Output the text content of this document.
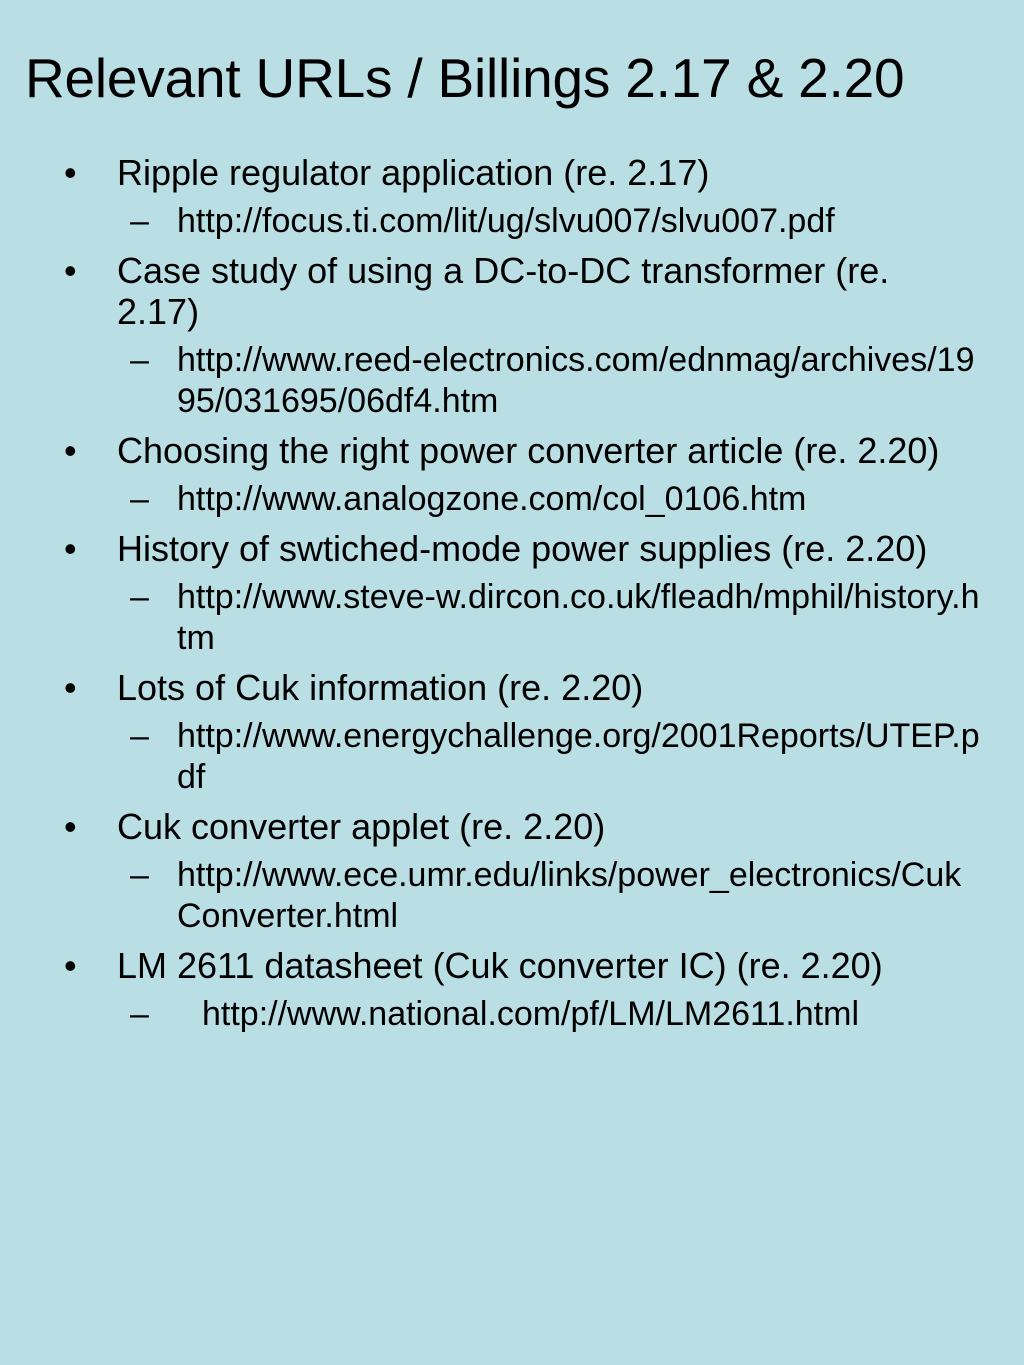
Relevant URLs / Billings 2.17 & 2.20
• Ripple regulator application (re. 2.17)
– http://focus.ti.com/lit/ug/slvu007/slvu007.pdf
• Case study of using a DC-to-DC transformer (re. 2.17)
– http://www.reed-electronics.com/ednmag/archives/1995/031695/06df4.htm
• Choosing the right power converter article (re. 2.20)
– http://www.analogzone.com/col_0106.htm
• History of swtiched-mode power supplies (re. 2.20)
– http://www.steve-w.dircon.co.uk/fleadh/mphil/history.htm
• Lots of Cuk information (re. 2.20)
– http://www.energychallenge.org/2001Reports/UTEP.pdf
• Cuk converter applet (re. 2.20)
– http://www.ece.umr.edu/links/power_electronics/CukConverter.html
• LM 2611 datasheet (Cuk converter IC) (re. 2.20)
– http://www.national.com/pf/LM/LM2611.html
